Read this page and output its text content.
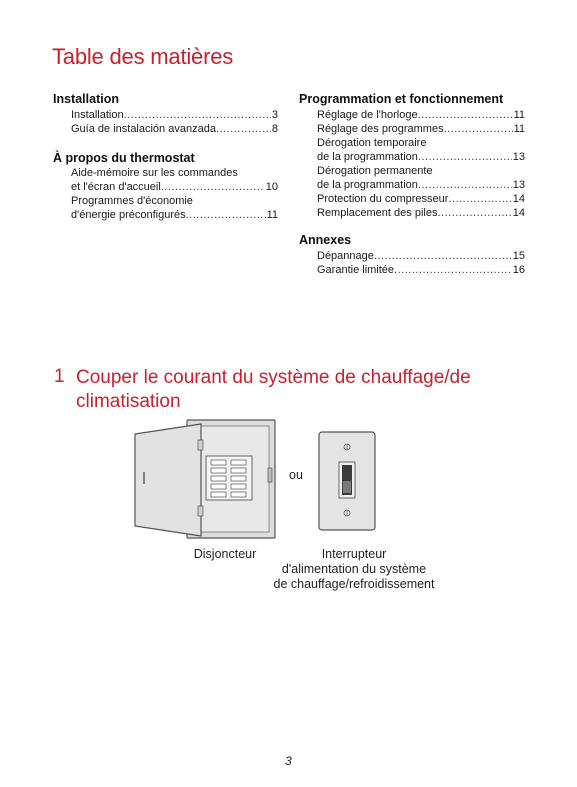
Table des matières
Installation
Installation .....	3
Guía de instalación avanzada .....	8
À propos du thermostat
Aide-mémoire sur les commandes
et l'écran d'accueil .....	10
Programmes d'économie
d'énergie préconfigurés .....	11
Programmation et fonctionnement
Réglage de l'horloge .....	11
Réglage des programmes .....	11
Dérogation temporaire
de la programmation .....	13
Dérogation permanente
de la programmation .....	13
Protection du compresseur .....	14
Remplacement des piles .....	14
Annexes
Dépannage .....	15
Garantie limitée .....	16
1 Couper le courant du système de chauffage/de climatisation
ou
Disjoncteur	Interrupteur
d'alimentation du système
de chauffage/refroidissement
3
